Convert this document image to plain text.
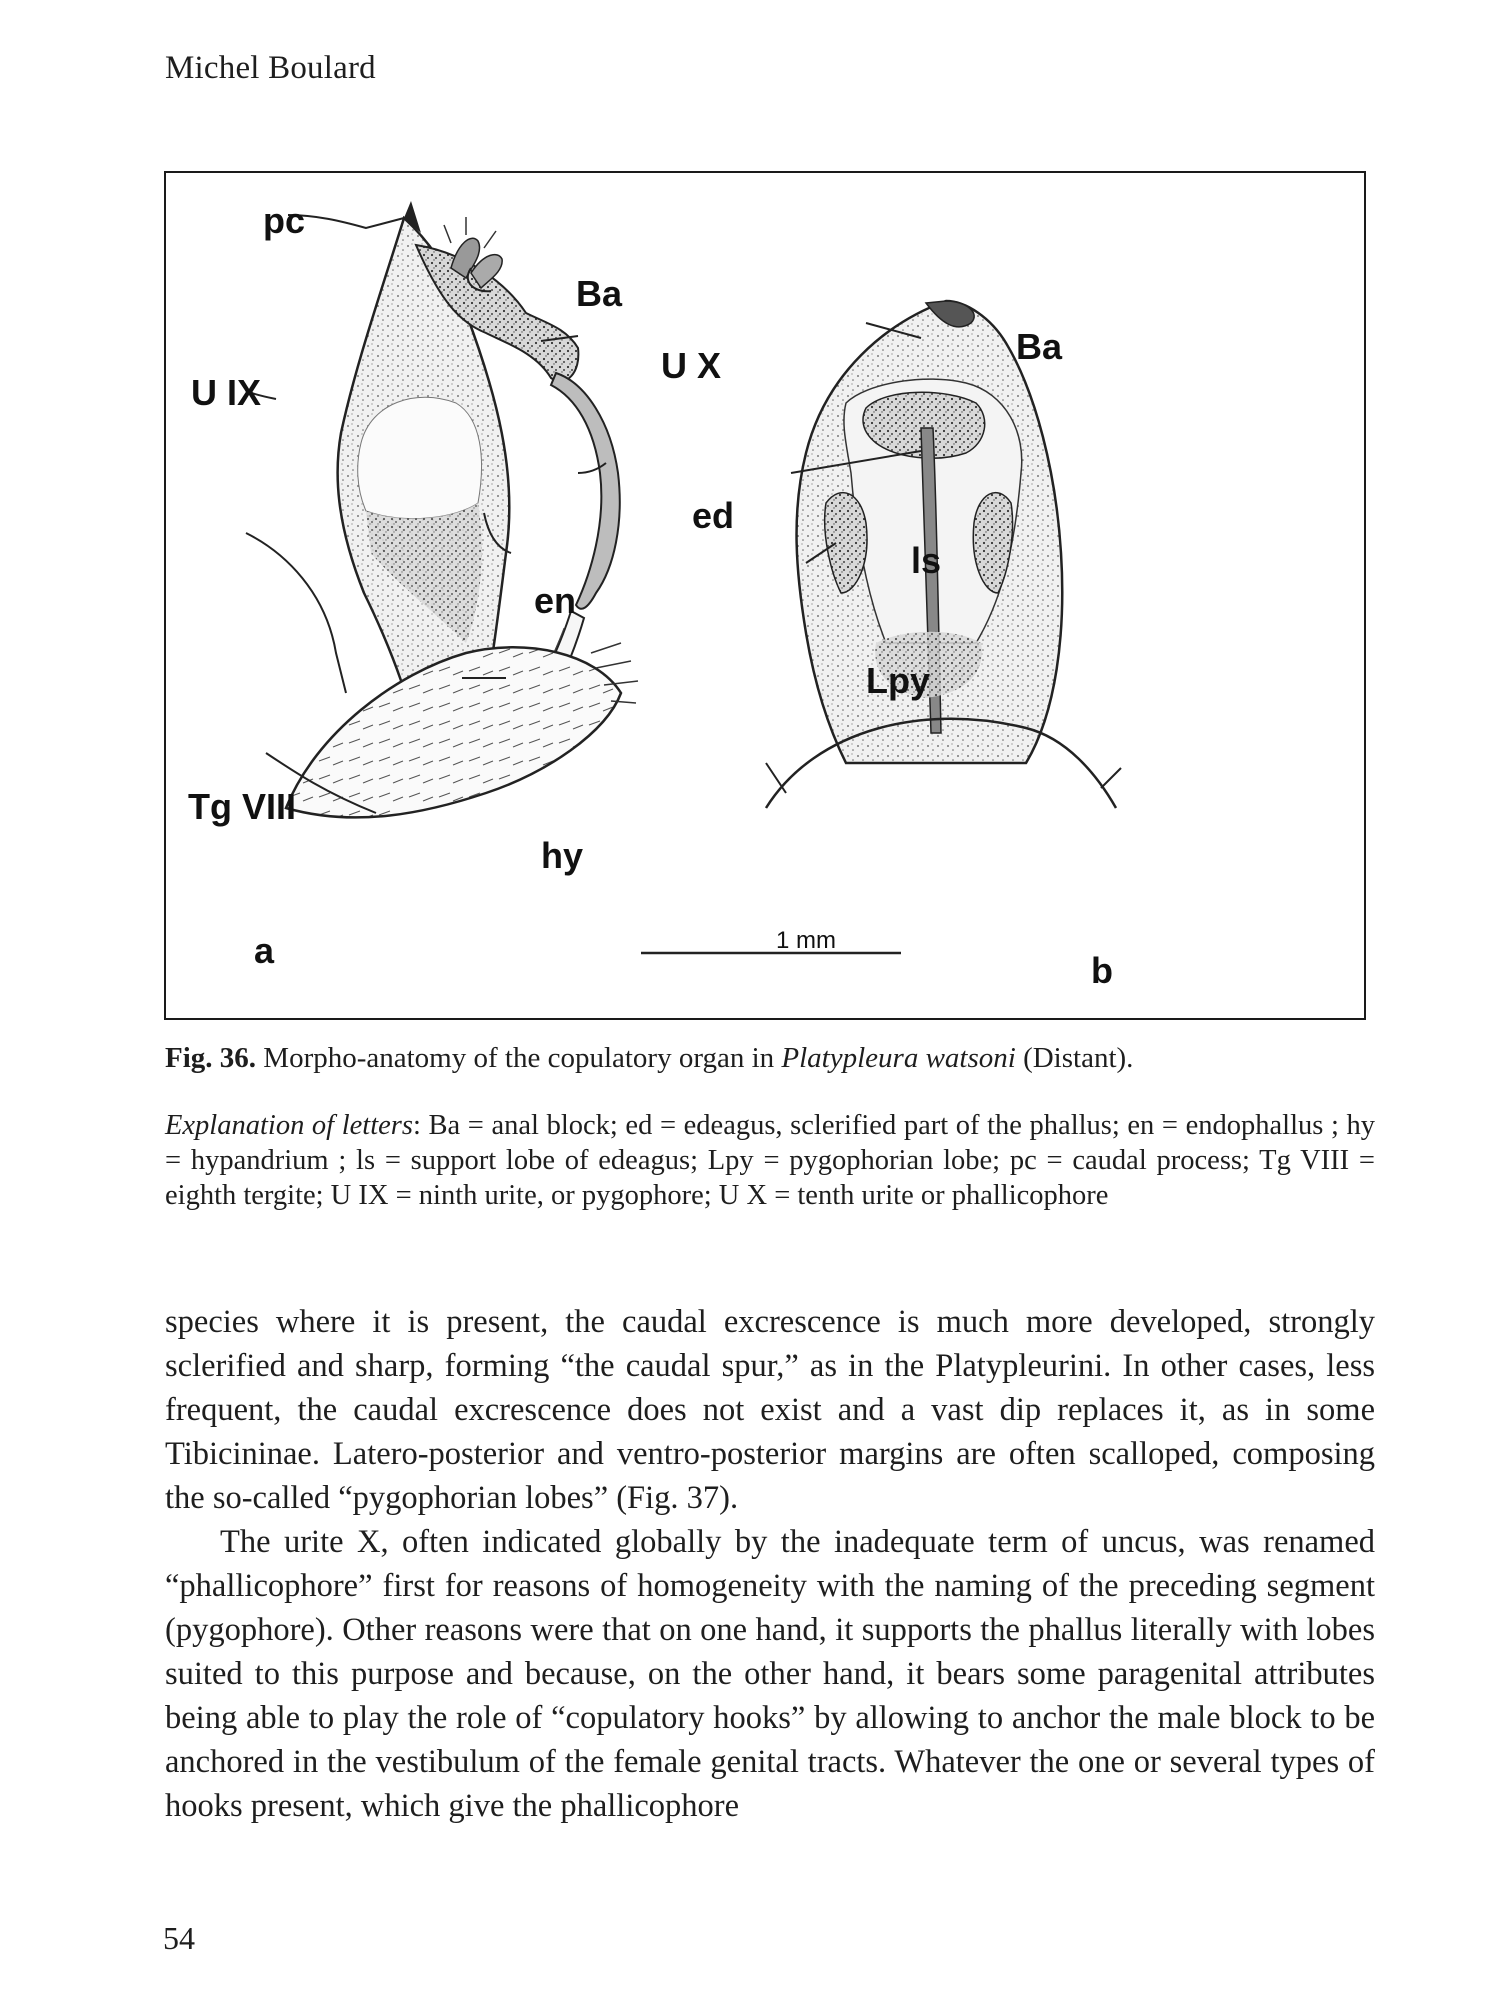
Michel Boulard
pc
Ba
U X
U IX
ed
en
Tg VIII
hy
a
Ba
ls
Lpy
b
1 mm
Fig. 36. Morpho-anatomy of the copulatory organ in Platypleura watsoni (Distant).
Explanation of letters: Ba = anal block; ed = edeagus, sclerified part of the phallus; en = endophallus ; hy = hypandrium ; ls = support lobe of edeagus; Lpy = pygophorian lobe; pc = caudal process; Tg VIII = eighth tergite; U IX = ninth urite, or pygophore; U X = tenth urite or phallicophore

species where it is present, the caudal excrescence is much more developed, strongly sclerified and sharp, forming “the caudal spur,” as in the Platypleurini. In other cases, less frequent, the caudal excrescence does not exist and a vast dip replaces it, as in some Tibicininae. Latero-posterior and ventro-posterior margins are often scalloped, composing the so-called “pygophorian lobes” (Fig. 37).

The urite X, often indicated globally by the inadequate term of uncus, was renamed “phallicophore” first for reasons of homogeneity with the naming of the preceding segment (pygophore). Other reasons were that on one hand, it supports the phallus literally with lobes suited to this purpose and because, on the other hand, it bears some paragenital attributes being able to play the role of “copulatory hooks” by allowing to anchor the male block to be anchored in the vestibulum of the female genital tracts. Whatever the one or several types of hooks present, which give the phallicophore

54
